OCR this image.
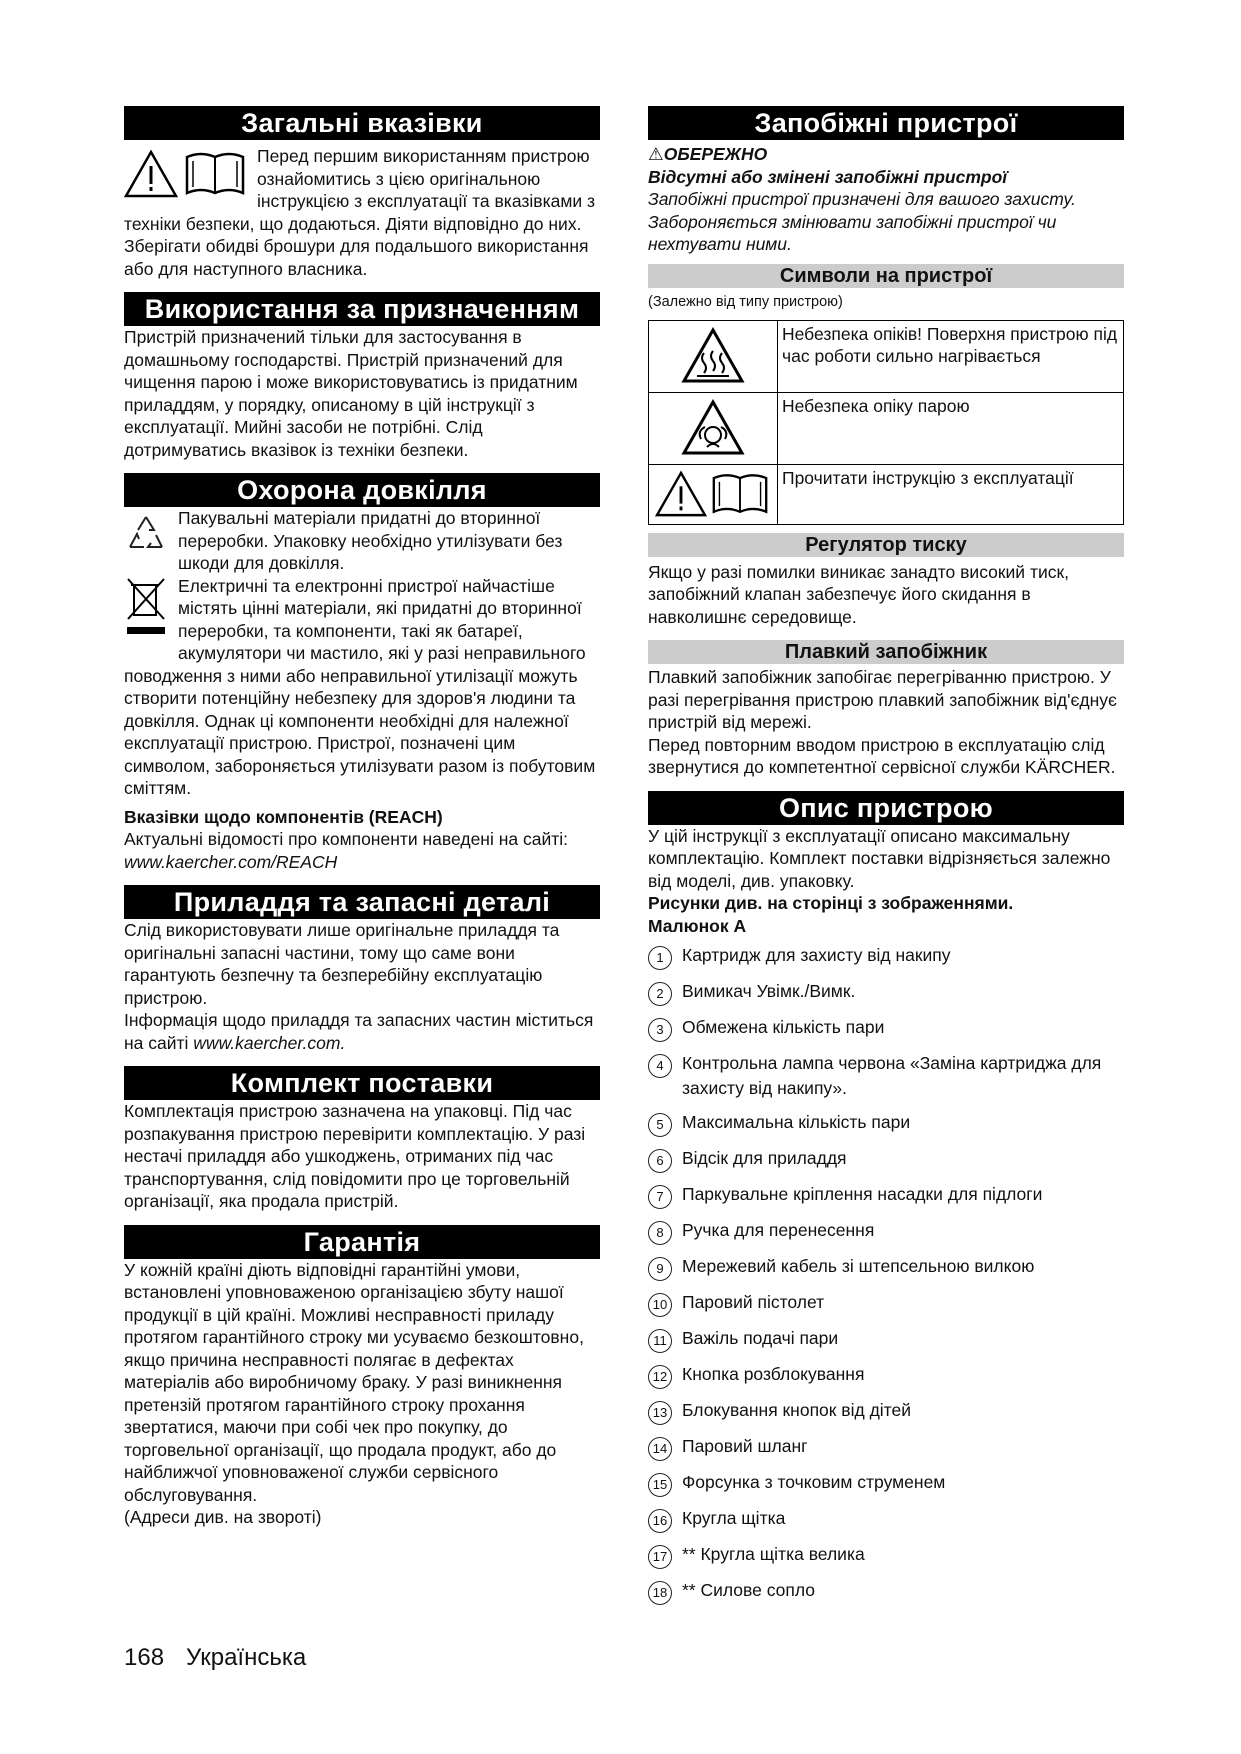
Загальні вказівки

Перед першим використанням пристрою ознайомитись з цією оригінальною інструкцією з експлуатації та вказівками з техніки безпеки, що додаються. Діяти відповідно до них.

Зберігати обидві брошури для подальшого використання або для наступного власника.

Використання за призначенням

Пристрій призначений тільки для застосування в домашньому господарстві. Пристрій призначений для чищення парою і може використовуватись із придатним приладдям, у порядку, описаному в цій інструкції з експлуатації. Мийні засоби не потрібні. Слід дотримуватись вказівок із техніки безпеки.

Охорона довкілля

Пакувальні матеріали придатні до вторинної переробки. Упаковку необхідно утилізувати без шкоди для довкілля.

Електричні та електронні пристрої найчастіше містять цінні матеріали, які придатні до вторинної переробки, та компоненти, такі як батареї, акумулятори чи мастило, які у разі неправильного поводження з ними або неправильної утилізації можуть створити потенційну небезпеку для здоров'я людини та довкілля. Однак ці компоненти необхідні для належної експлуатації пристрою. Пристрої, позначені цим символом, забороняється утилізувати разом із побутовим сміттям.

Вказівки щодо компонентів (REACH)

Актуальні відомості про компоненти наведені на сайті: www.kaercher.com/REACH

Приладдя та запасні деталі

Слід використовувати лише оригінальне приладдя та оригінальні запасні частини, тому що саме вони гарантують безпечну та безперебійну експлуатацію пристрою.

Інформація щодо приладдя та запасних частин міститься на сайті www.kaercher.com.

Комплект поставки

Комплектація пристрою зазначена на упаковці. Під час розпакування пристрою перевірити комплектацію. У разі нестачі приладдя або ушкоджень, отриманих під час транспортування, слід повідомити про це торговельній організації, яка продала пристрій.

Гарантія

У кожній країні діють відповідні гарантійні умови, встановлені уповноваженою організацією збуту нашої продукції в цій країні. Можливі несправності приладу протягом гарантійного строку ми усуваємо безкоштовно, якщо причина несправності полягає в дефектах матеріалів або виробничому браку. У разі виникнення претензій протягом гарантійного строку прохання звертатися, маючи при собі чек про покупку, до торговельної організації, що продала продукт, або до найближчої уповноваженої служби сервісного обслуговування.

(Адреси див. на звороті)

Запобіжні пристрої

⚠ОБЕРЕЖНО

Відсутні або змінені запобіжні пристрої

Запобіжні пристрої призначені для вашого захисту. Забороняється змінювати запобіжні пристрої чи нехтувати ними.

Символи на пристрої

(Залежно від типу пристрою)

	Небезпека опіків! Поверхня пристрою під час роботи сильно нагрівається

	Небезпека опіку парою

	Прочитати інструкцію з експлуатації
Регулятор тиску

Якщо у разі помилки виникає занадто високий тиск, запобіжний клапан забезпечує його скидання в навколишнє середовище.

Плавкий запобіжник

Плавкий запобіжник запобігає перегріванню пристрою. У разі перегрівання пристрою плавкий запобіжник від'єднує пристрій від мережі.

Перед повторним вводом пристрою в експлуатацію слід звернутися до компетентної сервісної служби KÄRCHER.

Опис пристрою

У цій інструкції з експлуатації описано максимальну комплектацію. Комплект поставки відрізняється залежно від моделі, див. упаковку.

Рисунки див. на сторінці з зображеннями.

Малюнок А

1	Картридж для захисту від накипу
2	Вимикач Увімк./Вимк.
3	Обмежена кількість пари
4	Контрольна лампа червона «Заміна картриджа для захисту від накипу».
5	Максимальна кількість пари
6	Відсік для приладдя
7	Паркувальне кріплення насадки для підлоги
8	Ручка для перенесення
9	Мережевий кабель зі штепсельною вилкою
10 Паровий пістолет
11 Важіль подачі пари
12 Кнопка розблокування
13 Блокування кнопок від дітей
14 Паровий шланг
15 Форсунка з точковим струменем
16 Кругла щітка
17 ** Кругла щітка велика
18 ** Силове сопло
168 Українська
